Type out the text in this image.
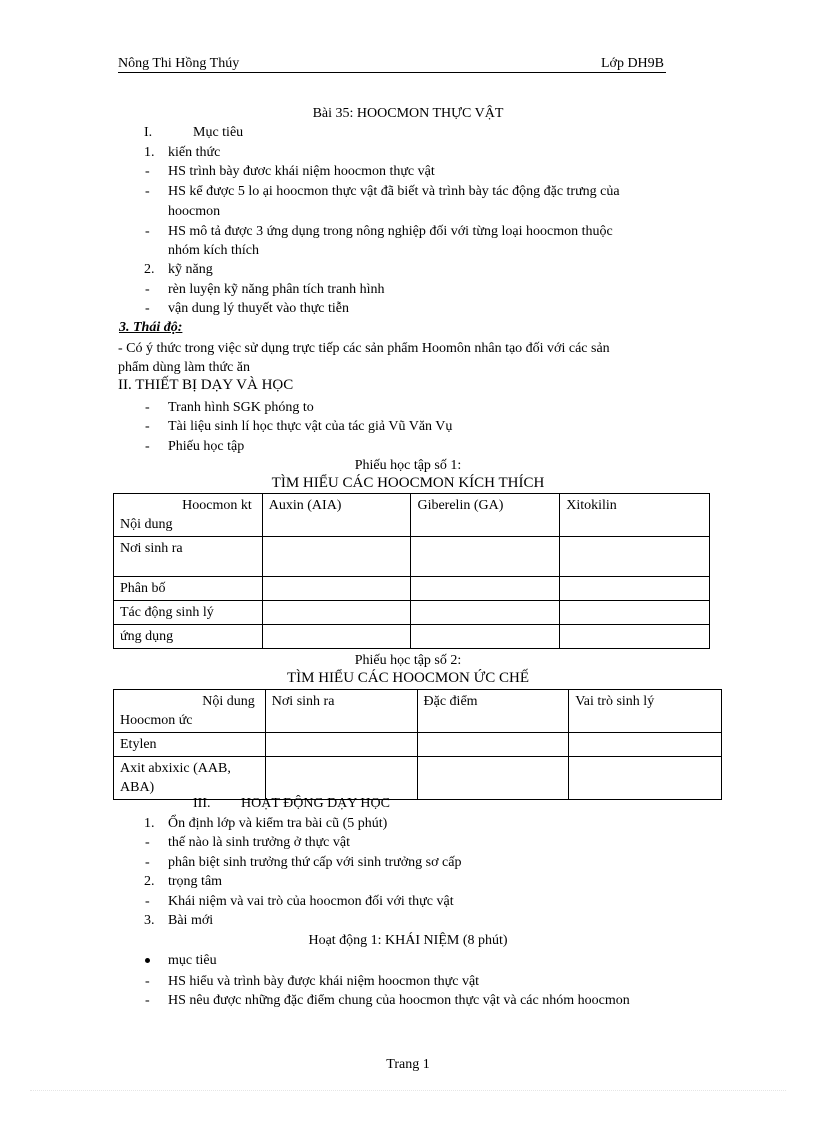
Nông Thi Hồng Thúy	Lớp DH9B
Bài 35: HOOCMON THỰC VẬT
I.	Mục tiêu
1. kiến thức
- HS trình bày đươc khái niệm hoocmon thực vật
- HS kể được 5 lo ại hoocmon thực vật đã biết và trình bày tác động đặc trưng của
hoocmon
- HS mô tả được 3 ứng dụng trong nông nghiệp đối với từng loại hoocmon thuộc
nhóm kích thích
2. kỹ năng
- rèn luyện kỹ năng phân tích tranh hình
- vận dung lý thuyết vào thực tiễn
3. Thái độ:
- Có ý thức trong việc sử dụng trực tiếp các sản phẩm Hoomôn nhân tạo đối với các sản
phẩm dùng làm thức ăn
II. THIẾT BỊ DẠY VÀ HỌC
- Tranh hình SGK phóng to
- Tài liệu sinh lí học thực vật của tác giả Vũ Văn Vụ
- Phiếu học tập
Phiếu học tập số 1:
TÌM HIỂU CÁC HOOCMON KÍCH THÍCH
Hoocmon kt
Nội dung	Auxin (AIA)	Giberelin (GA)	Xitokilin
Nơi sinh ra			
Phân bố			
Tác động sinh lý			
ứng dụng			
Phiếu học tập số 2:
TÌM HIỂU CÁC HOOCMON ỨC CHẾ
Nội dung
Hoocmon ức	Nơi sinh ra	Đặc điểm	Vai trò sinh lý
Etylen			
Axit abxixic (AAB, ABA)			
III.	HOẠT ĐỘNG DẠY HỌC
1. Ổn định lớp và kiểm tra bài cũ (5 phút)
- thế nào là sinh trưởng ở thực vật
- phân biệt sinh trưởng thứ cấp với sinh trưởng sơ cấp
2. trọng tâm
- Khái niệm và vai trò của hoocmon đối với thực vật
3. Bài mới
Hoạt động 1: KHÁI NIỆM (8 phút)
mục tiêu
- HS hiểu và trình bày được khái niệm hoocmon thực vật
- HS nêu được những đặc điểm chung của hoocmon thực vật và các nhóm hoocmon
Trang 1
